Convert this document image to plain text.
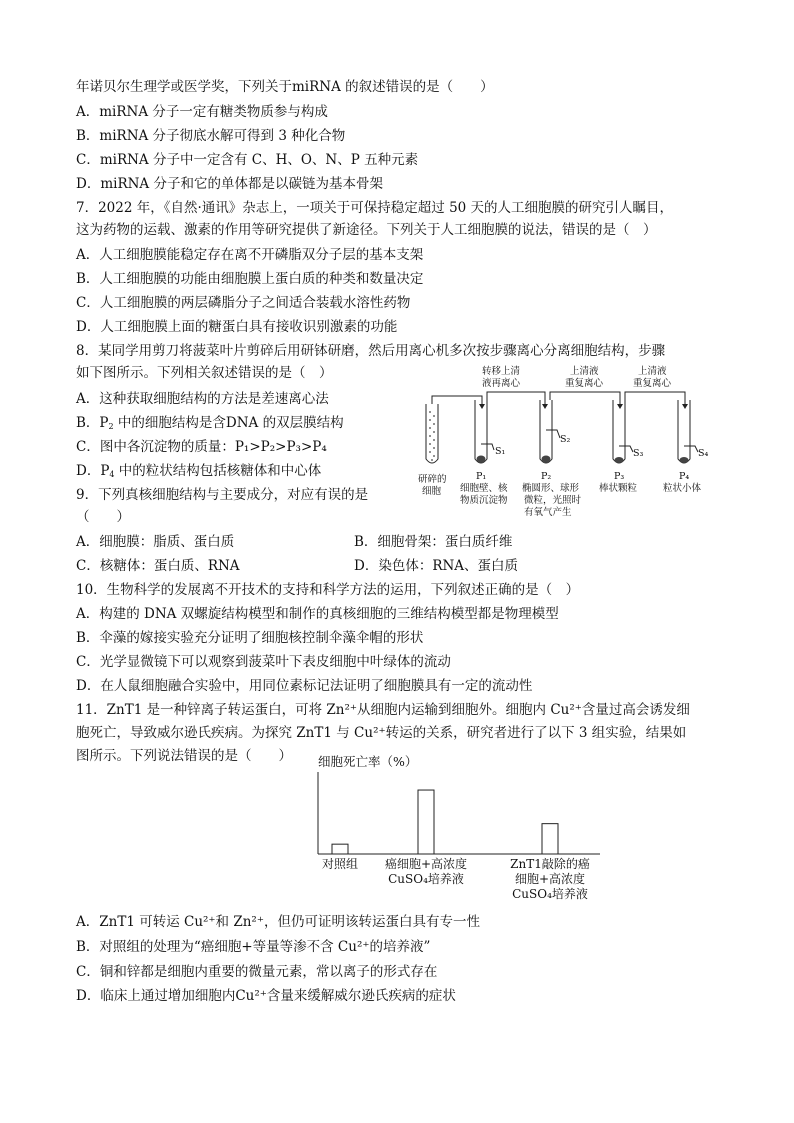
年诺贝尔生理学或医学奖，下列关于miRNA 的叙述错误的是（　　）
A．miRNA 分子一定有糖类物质参与构成
B．miRNA 分子彻底水解可得到 3 种化合物
C．miRNA 分子中一定含有 C、H、O、N、P 五种元素
D．miRNA 分子和它的单体都是以碳链为基本骨架
7．2022 年，《自然·通讯》杂志上，一项关于可保持稳定超过 50 天的人工细胞膜的研究引人瞩目，
这为药物的运载、激素的作用等研究提供了新途径。下列关于人工细胞膜的说法，错误的是（　）
A．人工细胞膜能稳定存在离不开磷脂双分子层的基本支架
B．人工细胞膜的功能由细胞膜上蛋白质的种类和数量决定
C．人工细胞膜的两层磷脂分子之间适合装载水溶性药物
D．人工细胞膜上面的糖蛋白具有接收识别激素的功能
8．某同学用剪刀将菠菜叶片剪碎后用研钵研磨，然后用离心机多次按步骤离心分离细胞结构，步骤
如下图所示。下列相关叙述错误的是（　）
A．这种获取细胞结构的方法是差速离心法
B．$P_2$ 中的细胞结构是含DNA 的双层膜结构
C．图中各沉淀物的质量：P₁>P₂>P₃>P₄
D．$P_4$ 中的粒状结构包括核糖体和中心体
转移上清
液再离心
上清液
重复离心
上清液
重复离心
S₁
S₂
S₃	S₄
研碎的
细胞
P₁
细胞壁、核
物质沉淀物
P₂
椭圆形、球形
微粒，光照时
有氧气产生
P₃
棒状颗粒
P₄
粒状小体
9．下列真核细胞结构与主要成分，对应有误的是
（　　）
A．细胞膜：脂质、蛋白质	B．细胞骨架：蛋白质纤维
C．核糖体：蛋白质、RNA	D．染色体：RNA、蛋白质
10．生物科学的发展离不开技术的支持和科学方法的运用，下列叙述正确的是（　）
A．构建的 DNA 双螺旋结构模型和制作的真核细胞的三维结构模型都是物理模型
B．伞藻的嫁接实验充分证明了细胞核控制伞藻伞帽的形状
C．光学显微镜下可以观察到菠菜叶下表皮细胞中叶绿体的流动
D．在人鼠细胞融合实验中，用同位素标记法证明了细胞膜具有一定的流动性
11．ZnT1 是一种锌离子转运蛋白，可将 Zn²⁺从细胞内运输到细胞外。细胞内 Cu²⁺含量过高会诱发细
胞死亡，导致威尔逊氏疾病。为探究 ZnT1 与 Cu²⁺转运的关系，研究者进行了以下 3 组实验，结果如
图所示。下列说法错误的是（　　） 细胞死亡率（%）
对照组 癌细胞+高浓度
CuSO₄培养液
ZnT1敲除的癌
细胞+高浓度
CuSO₄培养液
A．ZnT1 可转运 Cu²⁺和 Zn²⁺，但仍可证明该转运蛋白具有专一性
B．对照组的处理为“癌细胞+等量等渗不含 Cu²⁺的培养液”
C．铜和锌都是细胞内重要的微量元素，常以离子的形式存在
D．临床上通过增加细胞内Cu²⁺含量来缓解威尔逊氏疾病的症状
